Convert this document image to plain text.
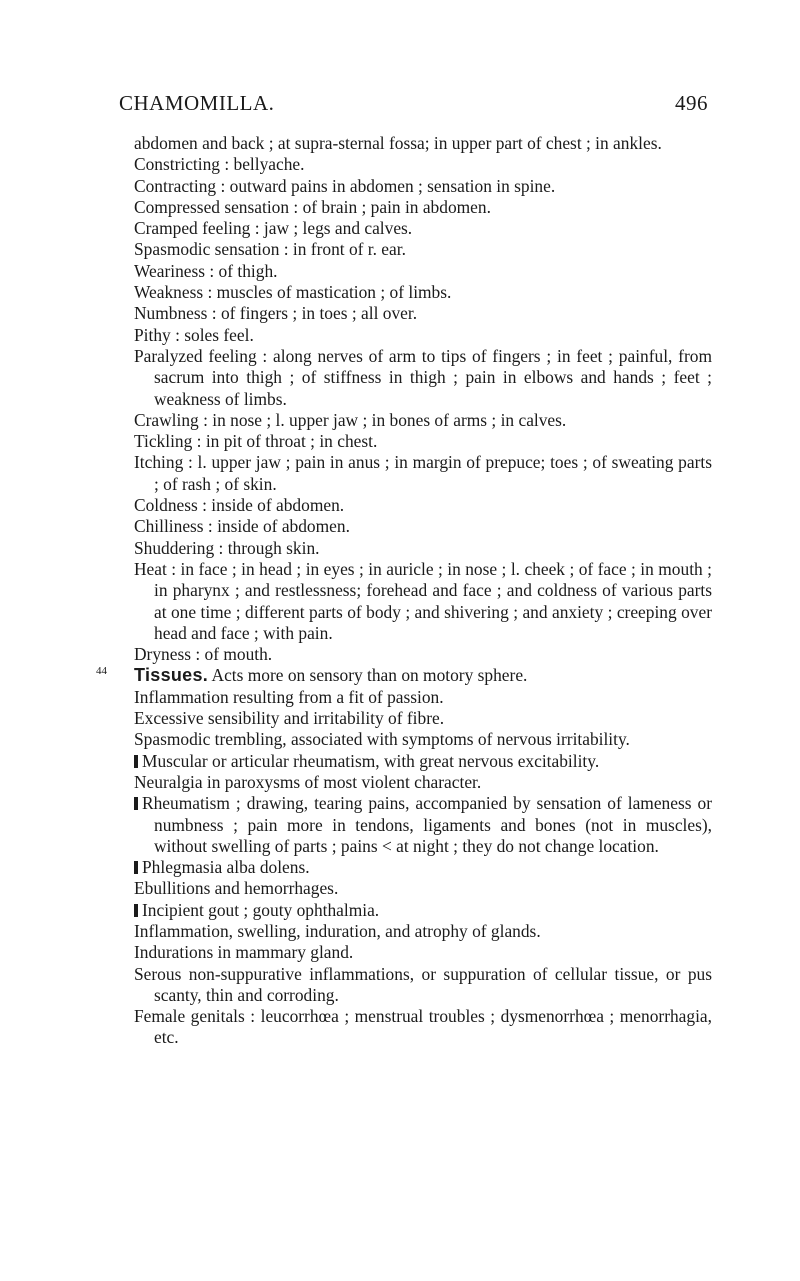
CHAMOMILLA.	496

abdomen and back ; at supra-sternal fossa; in upper part of chest ; in ankles.

Constricting : bellyache.

Contracting : outward pains in abdomen ; sensation in spine.

Compressed sensation : of brain ; pain in abdomen.

Cramped feeling : jaw ; legs and calves.

Spasmodic sensation : in front of r. ear.

Weariness : of thigh.

Weakness : muscles of mastication ; of limbs.

Numbness : of fingers ; in toes ; all over.

Pithy : soles feel.

Paralyzed feeling : along nerves of arm to tips of fingers ; in feet ; painful, from sacrum into thigh ; of stiffness in thigh ; pain in elbows and hands ; feet ; weakness of limbs.

Crawling : in nose ; l. upper jaw ; in bones of arms ; in calves.

Tickling : in pit of throat ; in chest.

Itching : l. upper jaw ; pain in anus ; in margin of prepuce; toes ; of sweating parts ; of rash ; of skin.

Coldness : inside of abdomen.

Chilliness : inside of abdomen.

Shuddering : through skin.

Heat : in face ; in head ; in eyes ; in auricle ; in nose ; l. cheek ; of face ; in mouth ; in pharynx ; and restlessness; forehead and face ; and coldness of various parts at one time ; different parts of body ; and shivering ; and anxiety ; creeping over head and face ; with pain.

Dryness : of mouth.

44	Tissues. Acts more on sensory than on motory sphere.

Inflammation resulting from a fit of passion.

Excessive sensibility and irritability of fibre.

Spasmodic trembling, associated with symptoms of nervous irritability.

Muscular or articular rheumatism, with great nervous excitability.

Neuralgia in paroxysms of most violent character.

Rheumatism ; drawing, tearing pains, accompanied by sensation of lameness or numbness ; pain more in tendons, ligaments and bones (not in muscles), without swelling of parts ; pains < at night ; they do not change location.

Phlegmasia alba dolens.

Ebullitions and hemorrhages.

Incipient gout ; gouty ophthalmia.

Inflammation, swelling, induration, and atrophy of glands.

Indurations in mammary gland.

Serous non-suppurative inflammations, or suppuration of cellular tissue, or pus scanty, thin and corroding.

Female genitals : leucorrhœa ; menstrual troubles ; dysmenorrhœa ; menorrhagia, etc.
